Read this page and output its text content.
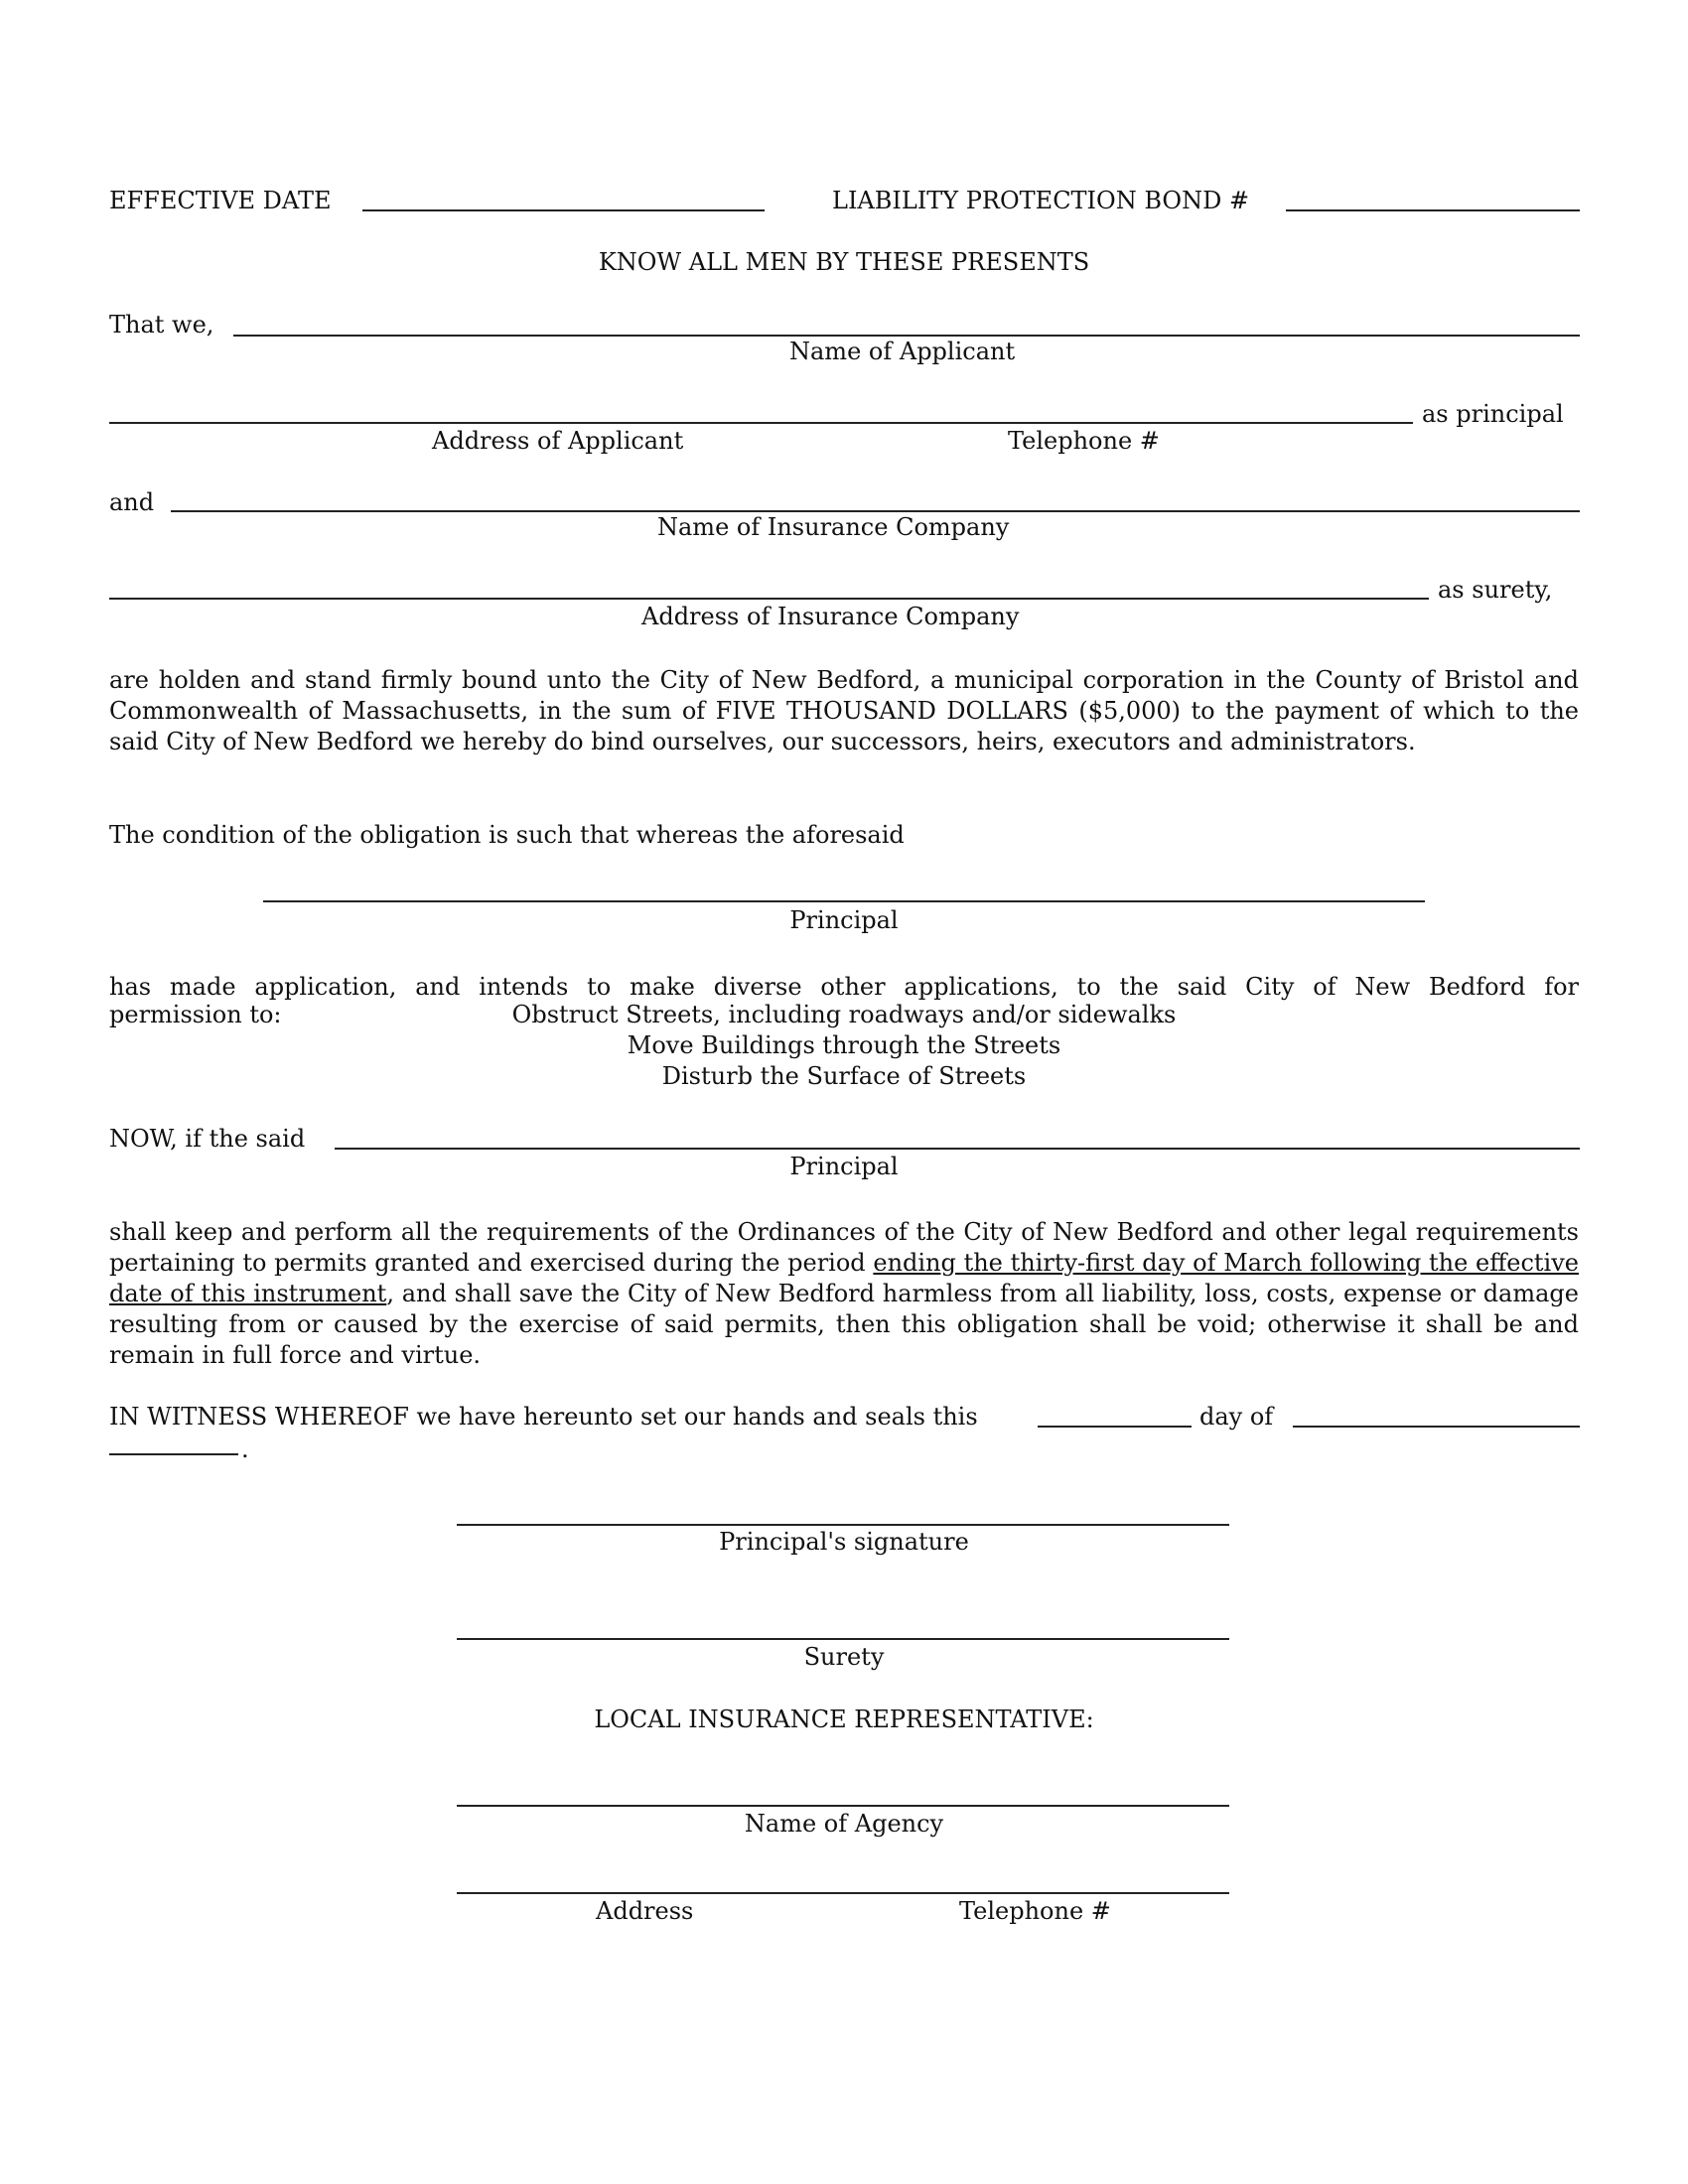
EFFECTIVE DATE	LIABILITY PROTECTION BOND #
KNOW ALL MEN BY THESE PRESENTS
That we,
Name of Applicant
as principal
Address of Applicant	Telephone #
and
Name of Insurance Company
as surety,
Address of Insurance Company
are holden and stand firmly bound unto the City of New Bedford, a municipal corporation in the County of Bristol and Commonwealth of Massachusetts, in the sum of FIVE THOUSAND DOLLARS ($5,000) to the payment of which to the said City of New Bedford we hereby do bind ourselves, our successors, heirs, executors and administrators.
The condition of the obligation is such that whereas the aforesaid
Principal
has made application, and intends to make diverse other applications, to the said City of New Bedford for
permission to:	Obstruct Streets, including roadways and/or sidewalks
Move Buildings through the Streets
Disturb the Surface of Streets
NOW, if the said
Principal
shall keep and perform all the requirements of the Ordinances of the City of New Bedford and other legal requirements pertaining to permits granted and exercised during the period ending the thirty-first day of March following the effective date of this instrument, and shall save the City of New Bedford harmless from all liability, loss, costs, expense or damage resulting from or caused by the exercise of said permits, then this obligation shall be void; otherwise it shall be and remain in full force and virtue.
IN WITNESS WHEREOF we have hereunto set our hands and seals this	day of
.
Principal's signature
Surety
LOCAL INSURANCE REPRESENTATIVE:
Name of Agency
Address	Telephone #
